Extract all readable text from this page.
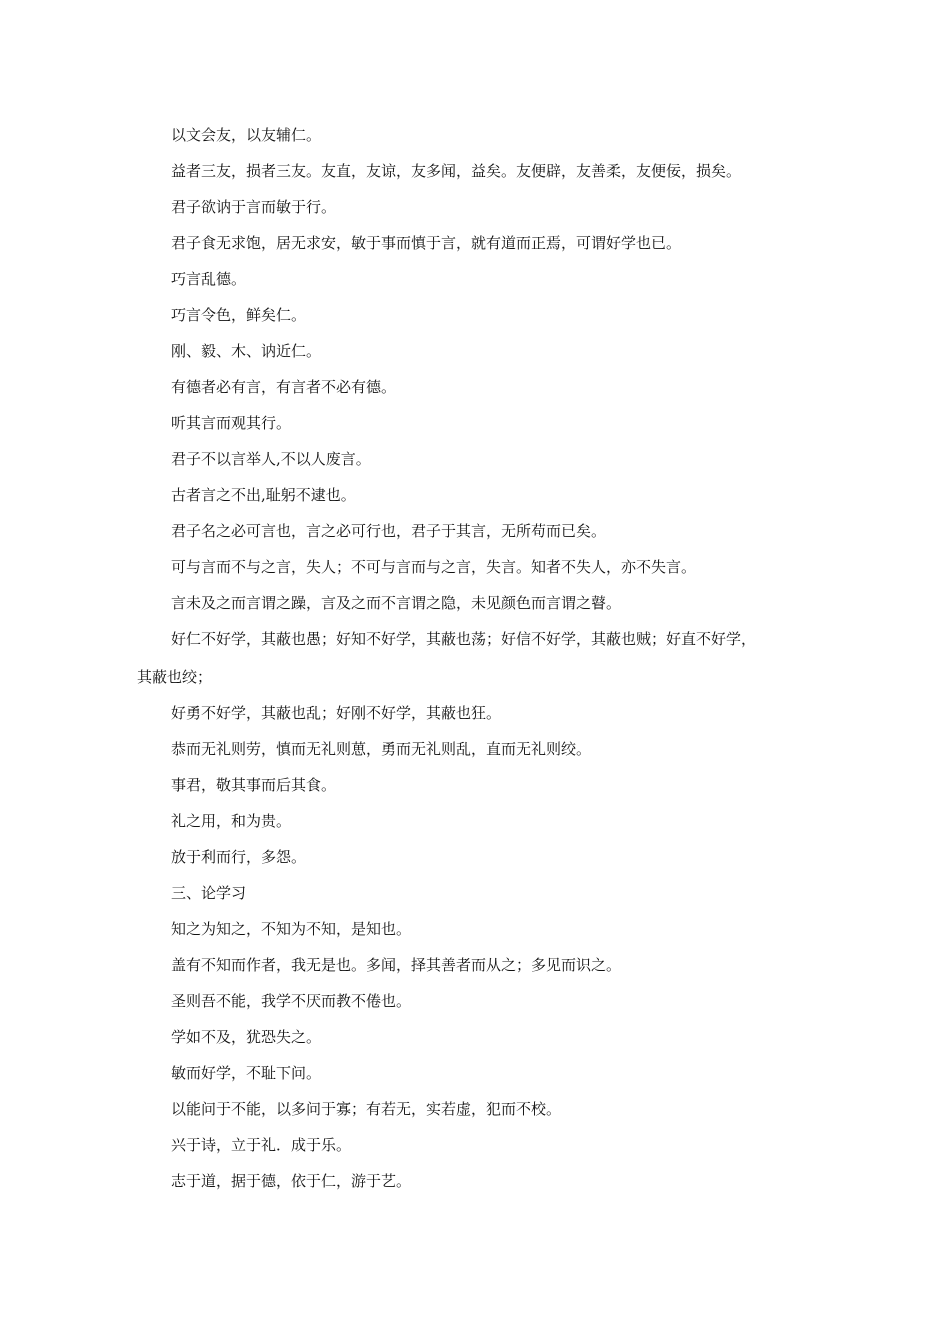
以文会友，以友辅仁。

益者三友，损者三友。友直，友谅，友多闻，益矣。友便辟，友善柔，友便佞，损矣。

君子欲讷于言而敏于行。

君子食无求饱，居无求安，敏于事而慎于言，就有道而正焉，可谓好学也已。

巧言乱德。

巧言令色，鲜矣仁。

刚、毅、木、讷近仁。

有德者必有言，有言者不必有德。

听其言而观其行。

君子不以言举人,不以人废言。

古者言之不出,耻躬不逮也。

君子名之必可言也，言之必可行也，君子于其言，无所苟而已矣。

可与言而不与之言，失人；不可与言而与之言，失言。知者不失人，亦不失言。

言未及之而言谓之躁，言及之而不言谓之隐，未见颜色而言谓之瞽。

好仁不好学，其蔽也愚；好知不好学，其蔽也荡；好信不好学，其蔽也贼；好直不好学，

其蔽也绞；

好勇不好学，其蔽也乱；好刚不好学，其蔽也狂。

恭而无礼则劳，慎而无礼则葸，勇而无礼则乱，直而无礼则绞。

事君，敬其事而后其食。

礼之用，和为贵。

放于利而行，多怨。

三、论学习

知之为知之，不知为不知，是知也。

盖有不知而作者，我无是也。多闻，择其善者而从之；多见而识之。

圣则吾不能，我学不厌而教不倦也。

学如不及，犹恐失之。

敏而好学，不耻下问。

以能问于不能，以多问于寡；有若无，实若虚，犯而不校。

兴于诗，立于礼．成于乐。

志于道，据于德，依于仁，游于艺。
